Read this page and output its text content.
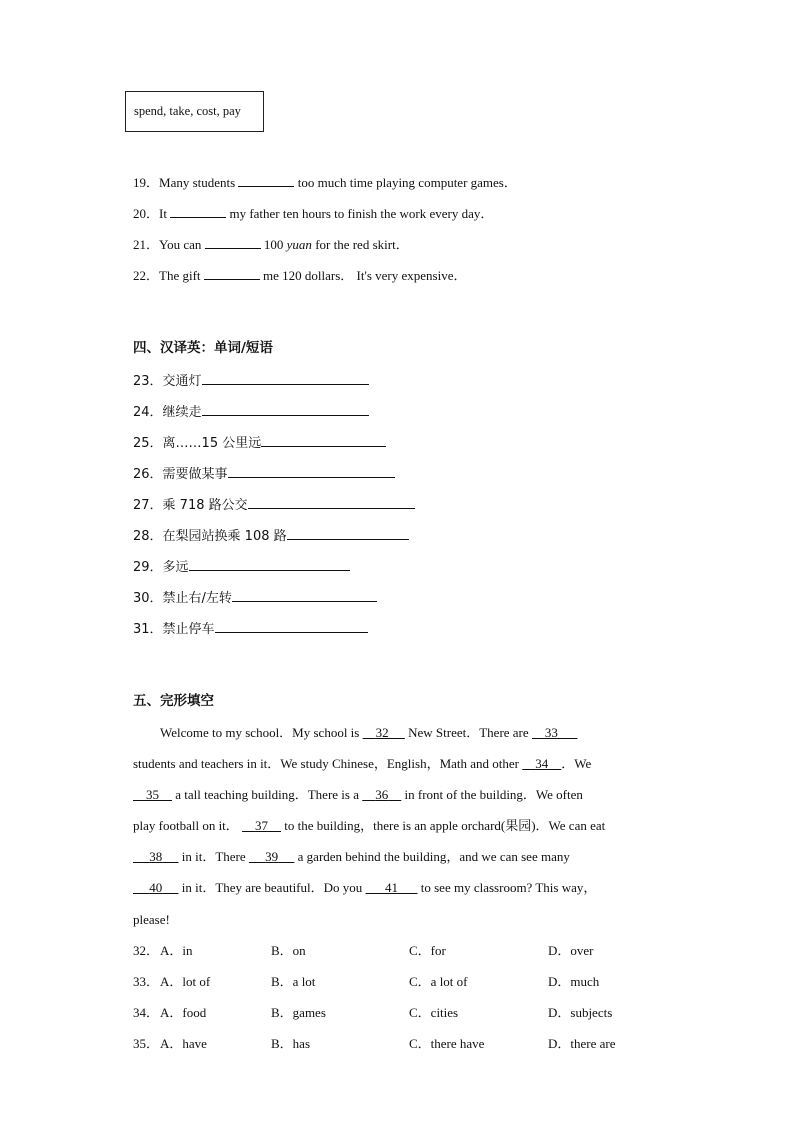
spend, take, cost, pay
19．Many students	too much time playing computer games．
20．It	my father ten hours to finish the work every day．
21．You can	100 yuan for the red skirt．
22．The gift	me 120 dollars． It's very expensive．
四、汉译英：单词/短语
23．交通灯
24．继续走
25．离……15 公里远
26．需要做某事
27．乘 718 路公交
28．在梨园站换乘 108 路
29．多远
30．禁止右/左转
31．禁止停车
五、完形填空
Welcome to my school．My school is 32 New Street．There are 33
students and teachers in it．We study Chinese，English，Math and other 34 ．We
35 a tall teaching building．There is a 36 in front of the building．We often
play football on it． 37 to the building，there is an apple orchard(果园)．We can eat
38 in it．There 39 a garden behind the building，and we can see many
40 in it．They are beautiful．Do you 41 to see my classroom? This way，
please!
32． A．in	B．on	C．for	D．over
33． A．lot of	B．a lot	C．a lot of	D．much
34． A．food	B．games	C．cities	D．subjects
35． A．have	B．has	C．there have	D．there are
